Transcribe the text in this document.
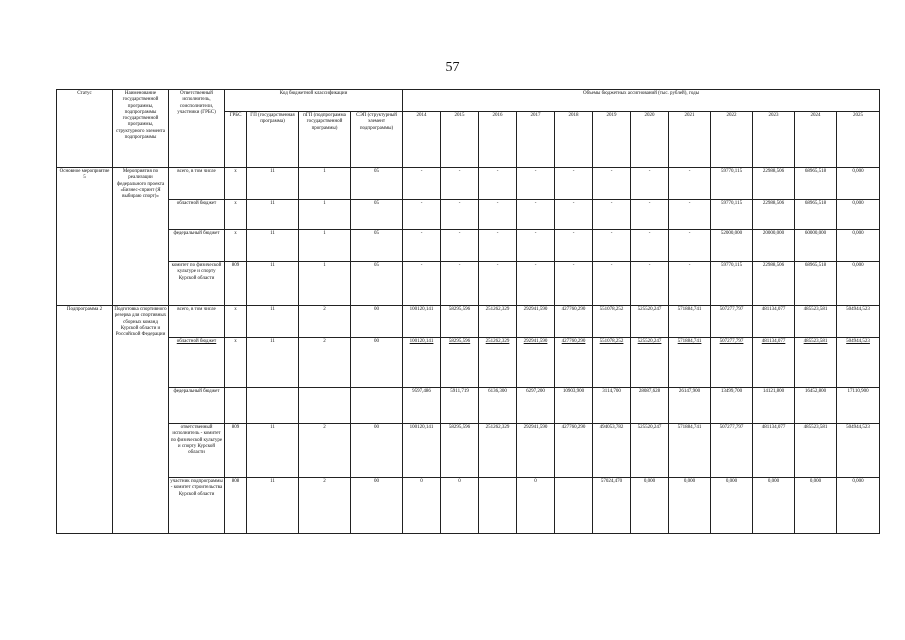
57
Статус	Наименование государственной программы, подпрограммы государственной программы, структурного элемента подпрограммы	Ответственный исполнитель, соисполнители, участники (ГРБС)	Код бюджетной классификации				Объемы бюджетных ассигнований (тыс. рублей), годы											
			ГРБС	ГП (государственная программа)	пГП (подпрограмма государственной программы)	СЭП (структурный элемент подпрограммы)	2014	2015	2016	2017	2018	2019	2020	2021	2022	2023	2024	2025
Основное мероприятие 5	Мероприятия по реализации федерального проекта «Бизнес-спринт (Я выбираю спорт)»	всего, в том числе	х	11	1	05	-	-	-	-	-	-	-	-	59770,115	22988,506	68965,518	0,000
		областной бюджет	х	11	1	05	-	-	-	-	-	-	-	-	59770,115	22988,506	68965,518	0,000
		федеральный бюджет	х	11	1	05	-	-	-	-	-	-	-	-	52000,000	20000,000	60000,000	0,000
		комитет по физической культуре и спорту Курской области	809	11	1	05	-	-	-	-	-	-	-	-	59770,115	22988,506	68965,518	0,000
Подпрограмма 2	Подготовка спортивного резерва для спортивных сборных команд Курской области и Российской Федерации	всего, в том числе	х	11	2	00	100120,141	58295,596	251262,329	292941,590	427760,290	551078,252	525520,247	571884,741	507277,797	481134,077	485523,581	504944,523
		областной бюджет	х	11	2	00	100120,141	58295,596	251262,329	292941,590	427760,290	551078,252	525520,247	571884,741	507277,797	481134,077	485523,581	504944,523
		федеральный бюджет					9597,486	5911,719	6136,300	6297,200	10903,900	3114,700	28087,628	26147,900	13499,700	14121,800	16452,800	17110,900
		ответственный исполнитель - комитет по физической культуре и спорту Курской области	809	11	2	00	100120,141	58295,596	251262,329	292941,590	427760,290	494053,782	525520,247	571884,741	507277,797	481134,077	485523,581	504944,523
		участник подпрограммы - комитет строительства Курской области	808	11	2	00	0	0		0		57024,470	0,000	0,000	0,000	0,000	0,000	0,000
